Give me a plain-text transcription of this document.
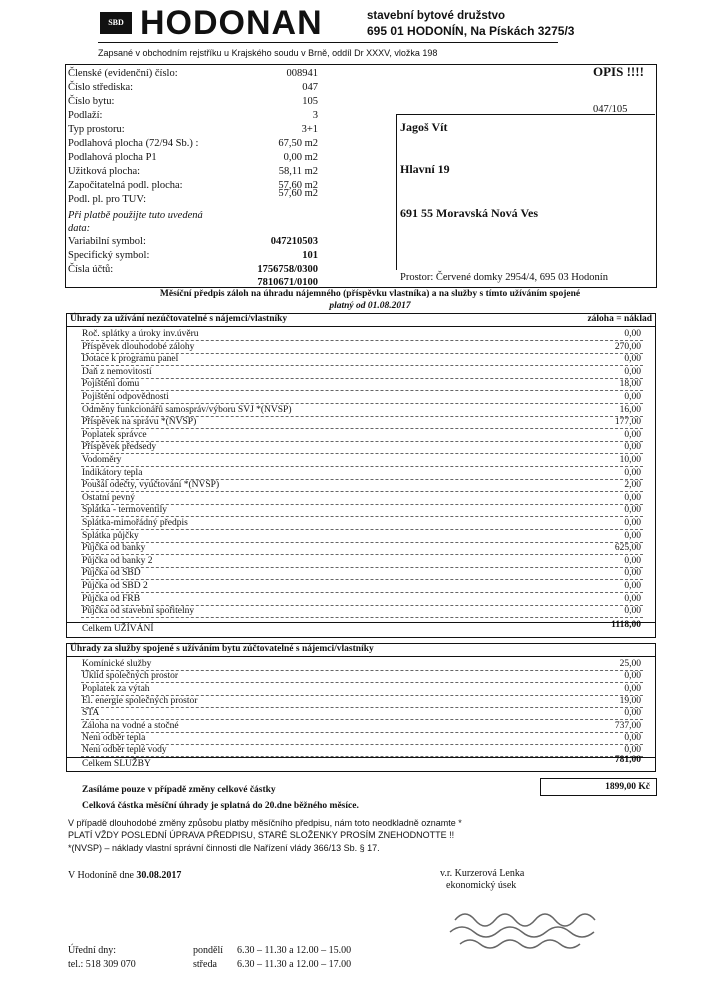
SBD HODONAN	stavební bytové družstvo
695 01 HODONÍN, Na Pískách 3275/3
Zapsané v obchodním rejstříku u Krajského soudu v Brně, oddíl Dr XXXV, vložka 198
OPIS !!!!
047/105
Členské (evidenční) číslo:	008941
Číslo střediska:	047
Číslo bytu:	105
Podlaží:	3
Typ prostoru:	3+1
Podlahová plocha (72/94 Sb.) :	67,50 m2
Podlahová plocha P1	0,00 m2
Užitková plocha:	58,11 m2
Započitatelná podl. plocha:	57,60 m2
Podl. pl. pro TUV:
57,60 m2
Při platbě použijte tuto uvedená
data:
Variabilní symbol:	047210503
Specifický symbol:	101
Čísla účtů:	1756758/0300
7810671/0100
Jagoš Vít
Hlavní 19
691 55 Moravská Nová Ves
Prostor: Červené domky 2954/4, 695 03 Hodonín
Měsíční předpis záloh na úhradu nájemného (příspěvku vlastníka) a na služby s tímto užíváním spojené
platný od 01.08.2017
Úhrady za užívání nezúčtovatelné s nájemci/vlastníky	záloha = náklad
Roč. splátky a úroky inv.úvěru	0,00
Příspěvek dlouhodobé zálohy	270,00
Dotace k programu panel	0,00
Daň z nemovitostí	0,00
Pojištění domu	18,00
Pojištění odpovědnosti	0,00
Odměny funkcionářů samospráv/výboru SVJ *(NVSP)	16,00
Příspěvek na správu *(NVSP)	177,00
Poplatek správce	0,00
Příspěvek předsedy	0,00
Vodoměry	10,00
Indikátory tepla	0,00
Poušál odečty, vyúčtování *(NVSP)	2,00
Ostatní pevný	0,00
Splátka - termoventily	0,00
Splátka-mimořádný předpis	0,00
Splátka půjčky	0,00
Půjčka od banky	625,00
Půjčka od banky 2	0,00
Půjčka od SBD	0,00
Půjčka od SBD 2	0,00
Půjčka od FRB	0,00
Půjčka od stavební spořitelny	0,00
Celkem UŽÍVÁNÍ	1118,00
Úhrady za služby spojené s užíváním bytu zúčtovatelné s nájemci/vlastníky
Komínické služby	25,00
Úklid společných prostor	0,00
Poplatek za výtah	0,00
El. energie společných prostor	19,00
STA	0,00
Záloha na vodné a stočné	737,00
Není odběr tepla	0,00
Není odběr teplé vody	0,00
Celkem SLUŽBY	781,00
Zasíláme pouze v případě změny celkové částky	1899,00 Kč
Celková částka měsíční úhrady je splatná do 20.dne běžného měsíce.
V případě dlouhodobé změny způsobu platby měsíčního předpisu, nám toto neodkladně oznamte *
PLATÍ VŽDY POSLEDNÍ ÚPRAVA PŘEDPISU, STARÉ SLOŽENKY PROSÍM ZNEHODNOTTE !!
*(NVSP) – náklady vlastní správní činnosti dle Nařízení vlády 366/13 Sb. § 17.
V Hodoníně dne 30.08.2017	v.r. Kurzerová Lenka
ekonomický úsek
Úřední dny:
tel.: 518 309 070
pondělí 6.30 – 11.30 a 12.00 – 15.00
středa 6.30 – 11.30 a 12.00 – 17.00
